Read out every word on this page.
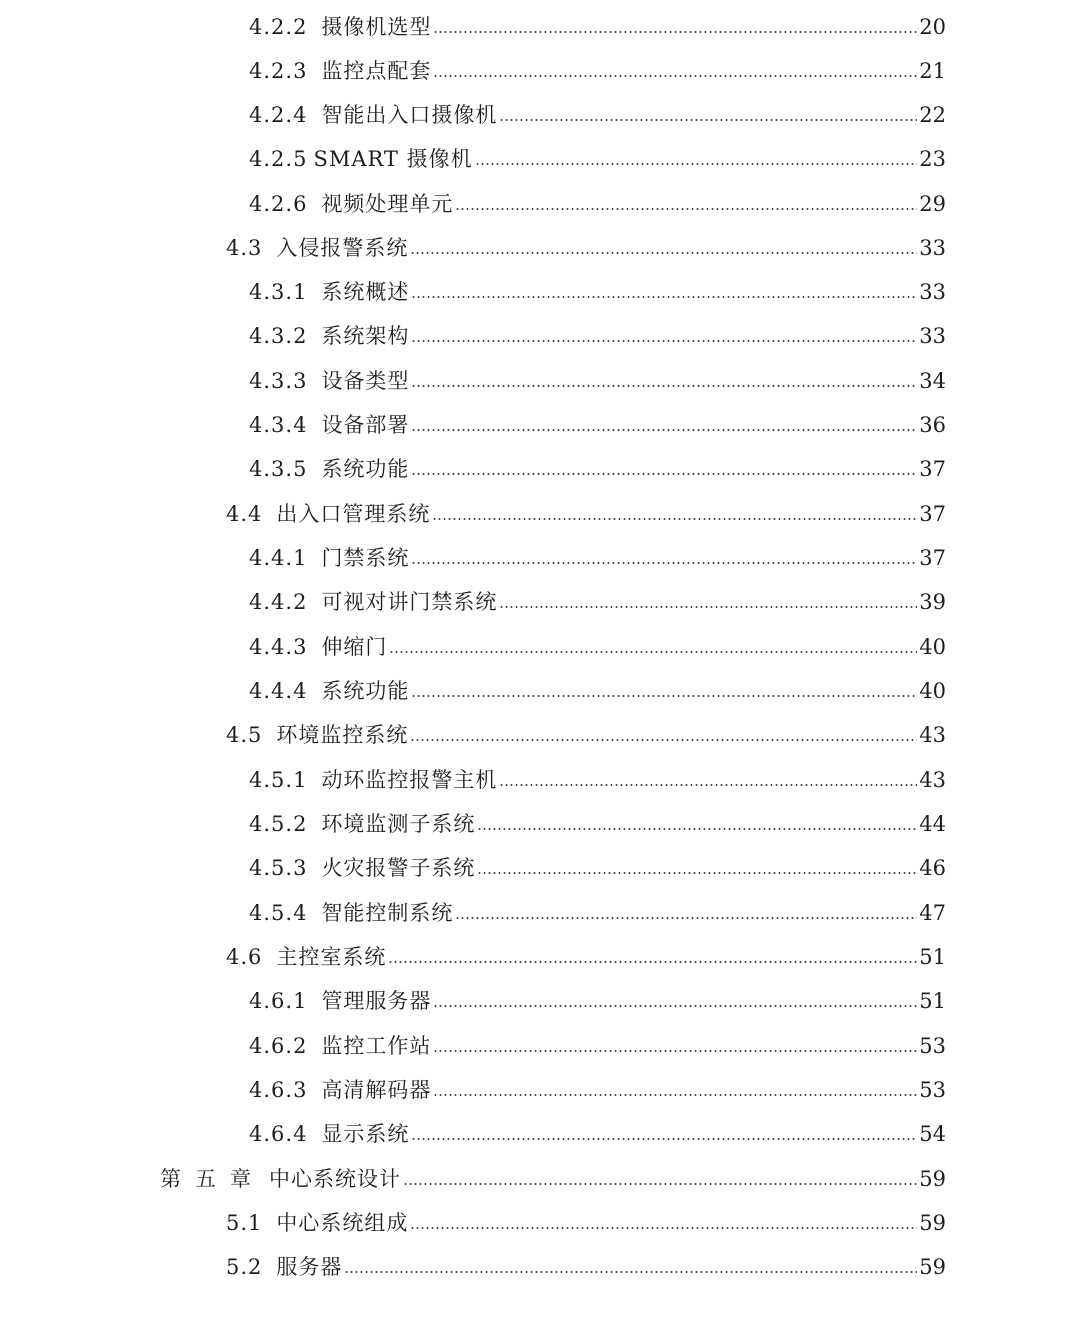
4.2.2 摄像机选型	20
4.2.3 监控点配套	21
4.2.4 智能出入口摄像机	22
4.2.5 SMART 摄像机	23
4.2.6 视频处理单元	29
4.3 入侵报警系统	33
4.3.1 系统概述	33
4.3.2 系统架构	33
4.3.3 设备类型	34
4.3.4 设备部署	36
4.3.5 系统功能	37
4.4 出入口管理系统	37
4.4.1 门禁系统	37
4.4.2 可视对讲门禁系统	39
4.4.3 伸缩门	40
4.4.4 系统功能	40
4.5 环境监控系统	43
4.5.1 动环监控报警主机	43
4.5.2 环境监测子系统	44
4.5.3 火灾报警子系统	46
4.5.4 智能控制系统	47
4.6 主控室系统	51
4.6.1 管理服务器	51
4.6.2 监控工作站	53
4.6.3 高清解码器	53
4.6.4 显示系统	54
第五章 中心系统设计	59
5.1 中心系统组成	59
5.2 服务器	59
